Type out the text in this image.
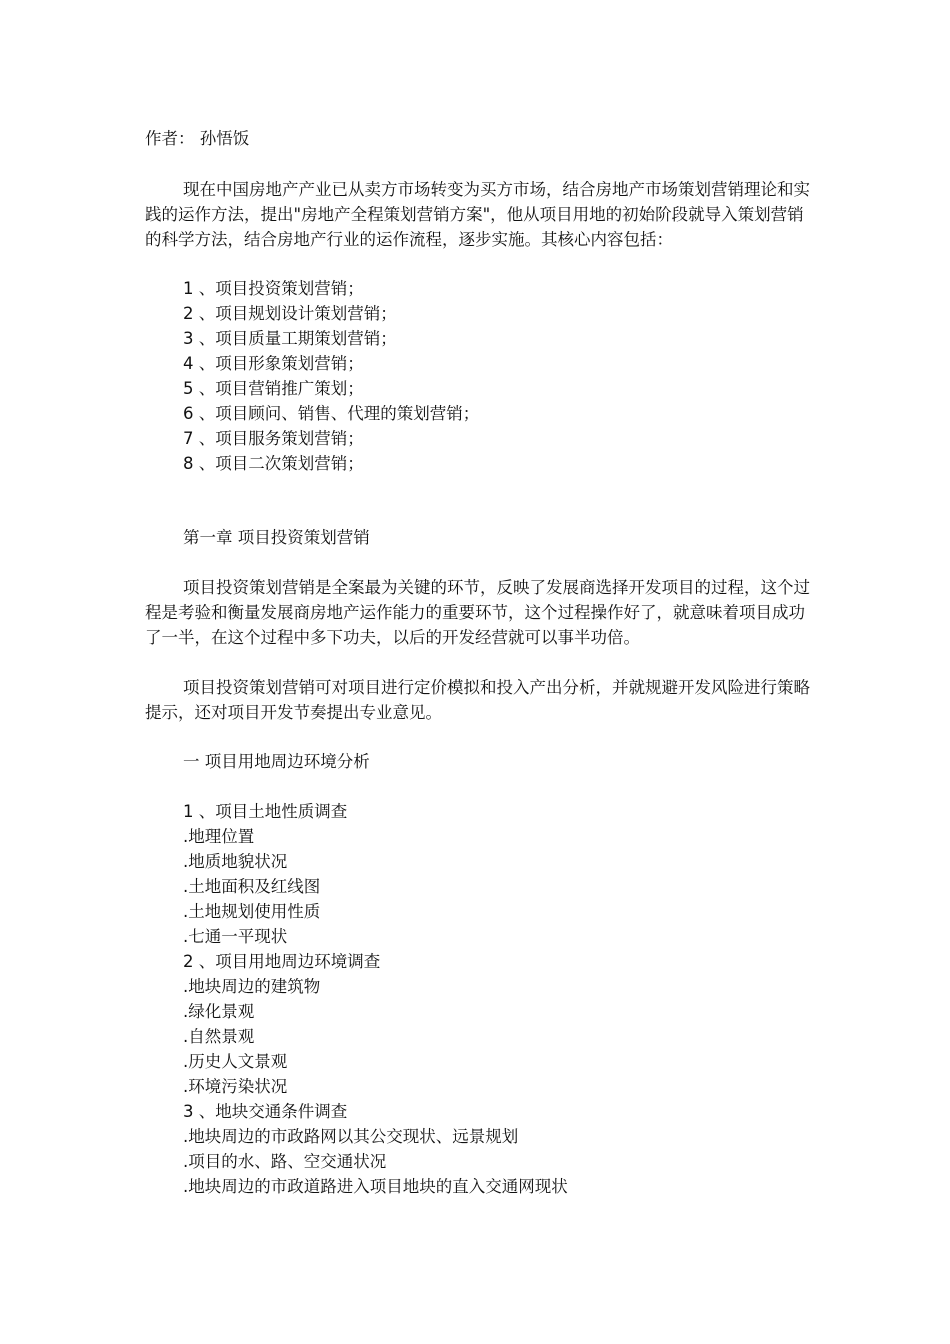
作者： 孙悟饭

现在中国房地产产业已从卖方市场转变为买方市场，结合房地产市场策划营销理论和实践的运作方法，提出"房地产全程策划营销方案"，他从项目用地的初始阶段就导入策划营销的科学方法，结合房地产行业的运作流程，逐步实施。其核心内容包括：

1 、项目投资策划营销；
2 、项目规划设计策划营销；
3 、项目质量工期策划营销；
4 、项目形象策划营销；
5 、项目营销推广策划；
6 、项目顾问、销售、代理的策划营销；
7 、项目服务策划营销；
8 、项目二次策划营销；
第一章 项目投资策划营销

项目投资策划营销是全案最为关键的环节，反映了发展商选择开发项目的过程，这个过程是考验和衡量发展商房地产运作能力的重要环节，这个过程操作好了，就意味着项目成功了一半，在这个过程中多下功夫，以后的开发经营就可以事半功倍。

项目投资策划营销可对项目进行定价模拟和投入产出分析，并就规避开发风险进行策略提示，还对项目开发节奏提出专业意见。

一 项目用地周边环境分析
1 、项目土地性质调查
.地理位置
.地质地貌状况
.土地面积及红线图
.土地规划使用性质
.七通一平现状
2 、项目用地周边环境调查
.地块周边的建筑物
.绿化景观
.自然景观
.历史人文景观
.环境污染状况
3 、地块交通条件调查
.地块周边的市政路网以其公交现状、远景规划
.项目的水、路、空交通状况
.地块周边的市政道路进入项目地块的直入交通网现状
